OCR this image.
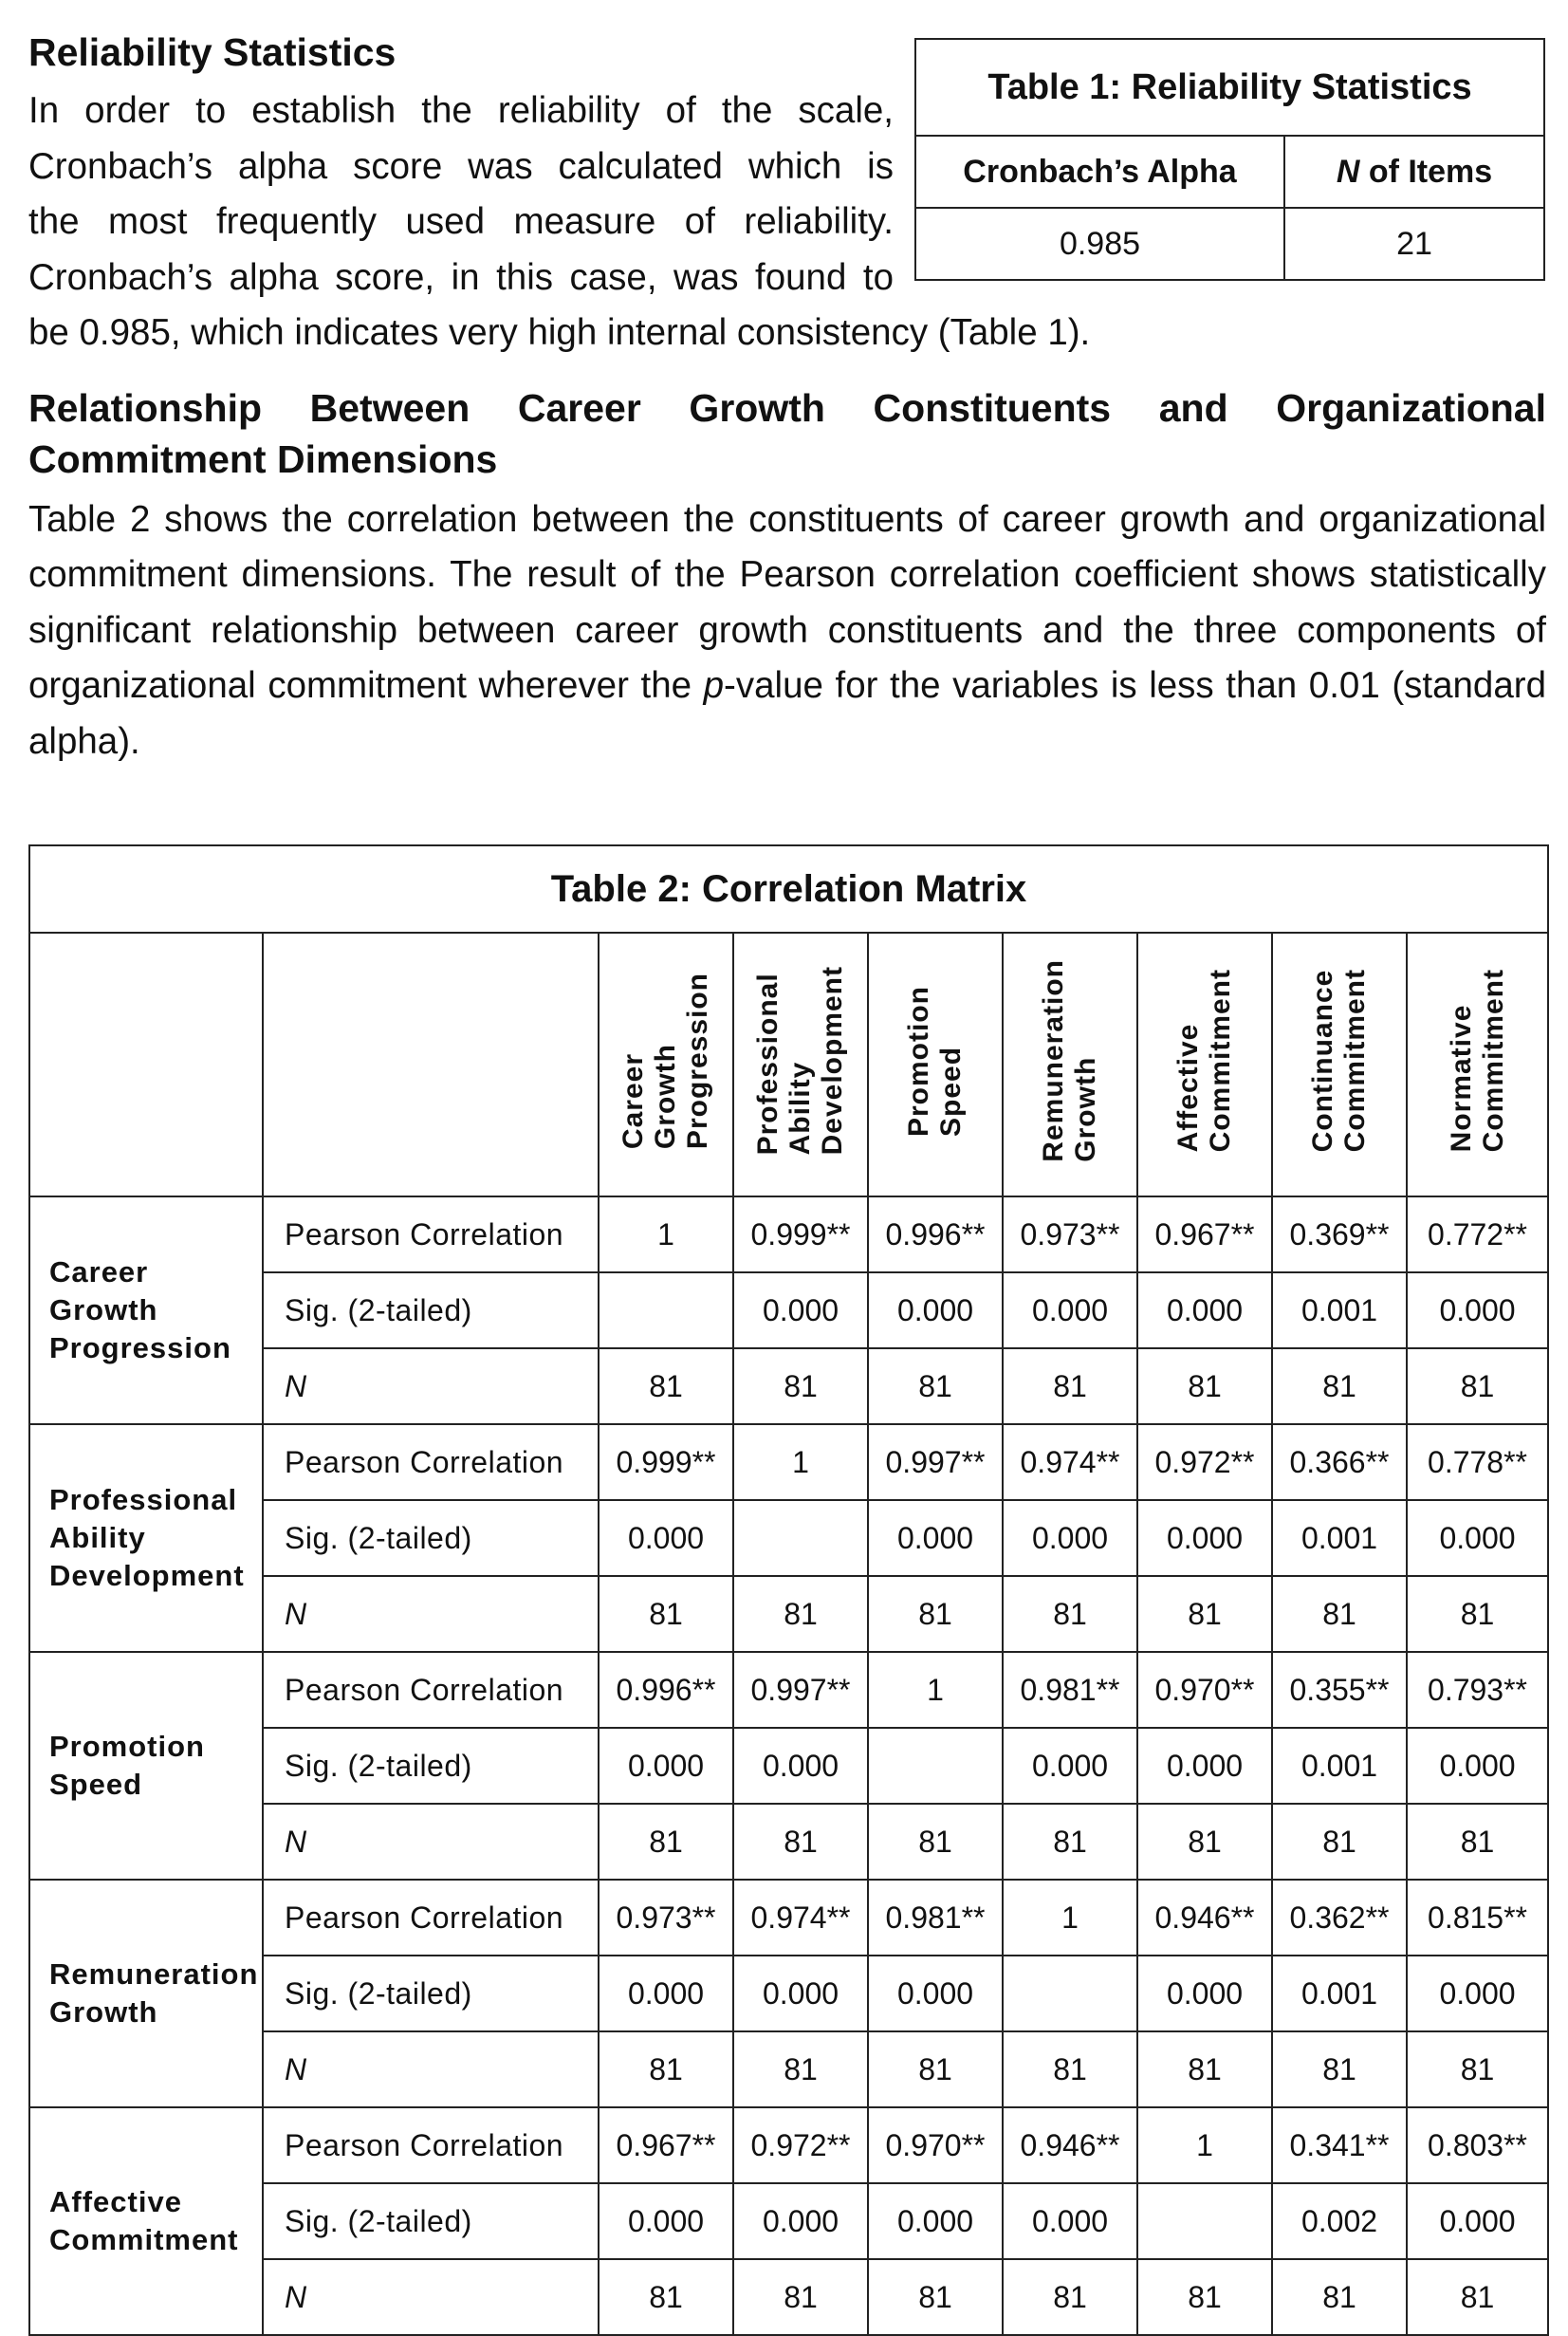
Reliability Statistics

In order to establish the reliability of the scale,

Cronbach’s alpha score was calculated which is

the most frequently used measure of reliability.

Cronbach’s alpha score, in this case, was found to

be 0.985, which indicates very high internal consistency (Table 1).

Table 1: Reliability Statistics	
Cronbach’s Alpha	N of Items
0.985	21
Relationship Between Career Growth Constituents and Organizational
Commitment Dimensions

Table 2 shows the correlation between the constituents of career growth and organizational commitment dimensions. The result of the Pearson correlation coefficient shows statistically significant relationship between career growth constituents and the three components of organizational commitment wherever the p-value for the variables is less than 0.01 (standard alpha).

Table 2: Correlation Matrix								
		Career
Growth
Progression	Professional
Ability
Development	Promotion
Speed	Remuneration
Growth	Affective
Commitment	Continuance
Commitment	Normative
Commitment
Career
Growth
Progression	Pearson Correlation	1	0.999**	0.996**	0.973**	0.967**	0.369**	0.772**
	Sig. (2-tailed)		0.000	0.000	0.000	0.000	0.001	0.000
	N	81	81	81	81	81	81	81
Professional
Ability
Development	Pearson Correlation	0.999**	1	0.997**	0.974**	0.972**	0.366**	0.778**
	Sig. (2-tailed)	0.000		0.000	0.000	0.000	0.001	0.000
	N	81	81	81	81	81	81	81
Promotion
Speed	Pearson Correlation	0.996**	0.997**	1	0.981**	0.970**	0.355**	0.793**
	Sig. (2-tailed)	0.000	0.000		0.000	0.000	0.001	0.000
	N	81	81	81	81	81	81	81
Remuneration
Growth	Pearson Correlation	0.973**	0.974**	0.981**	1	0.946**	0.362**	0.815**
	Sig. (2-tailed)	0.000	0.000	0.000		0.000	0.001	0.000
	N	81	81	81	81	81	81	81
Affective
Commitment	Pearson Correlation	0.967**	0.972**	0.970**	0.946**	1	0.341**	0.803**
	Sig. (2-tailed)	0.000	0.000	0.000	0.000		0.002	0.000
	N	81	81	81	81	81	81	81
